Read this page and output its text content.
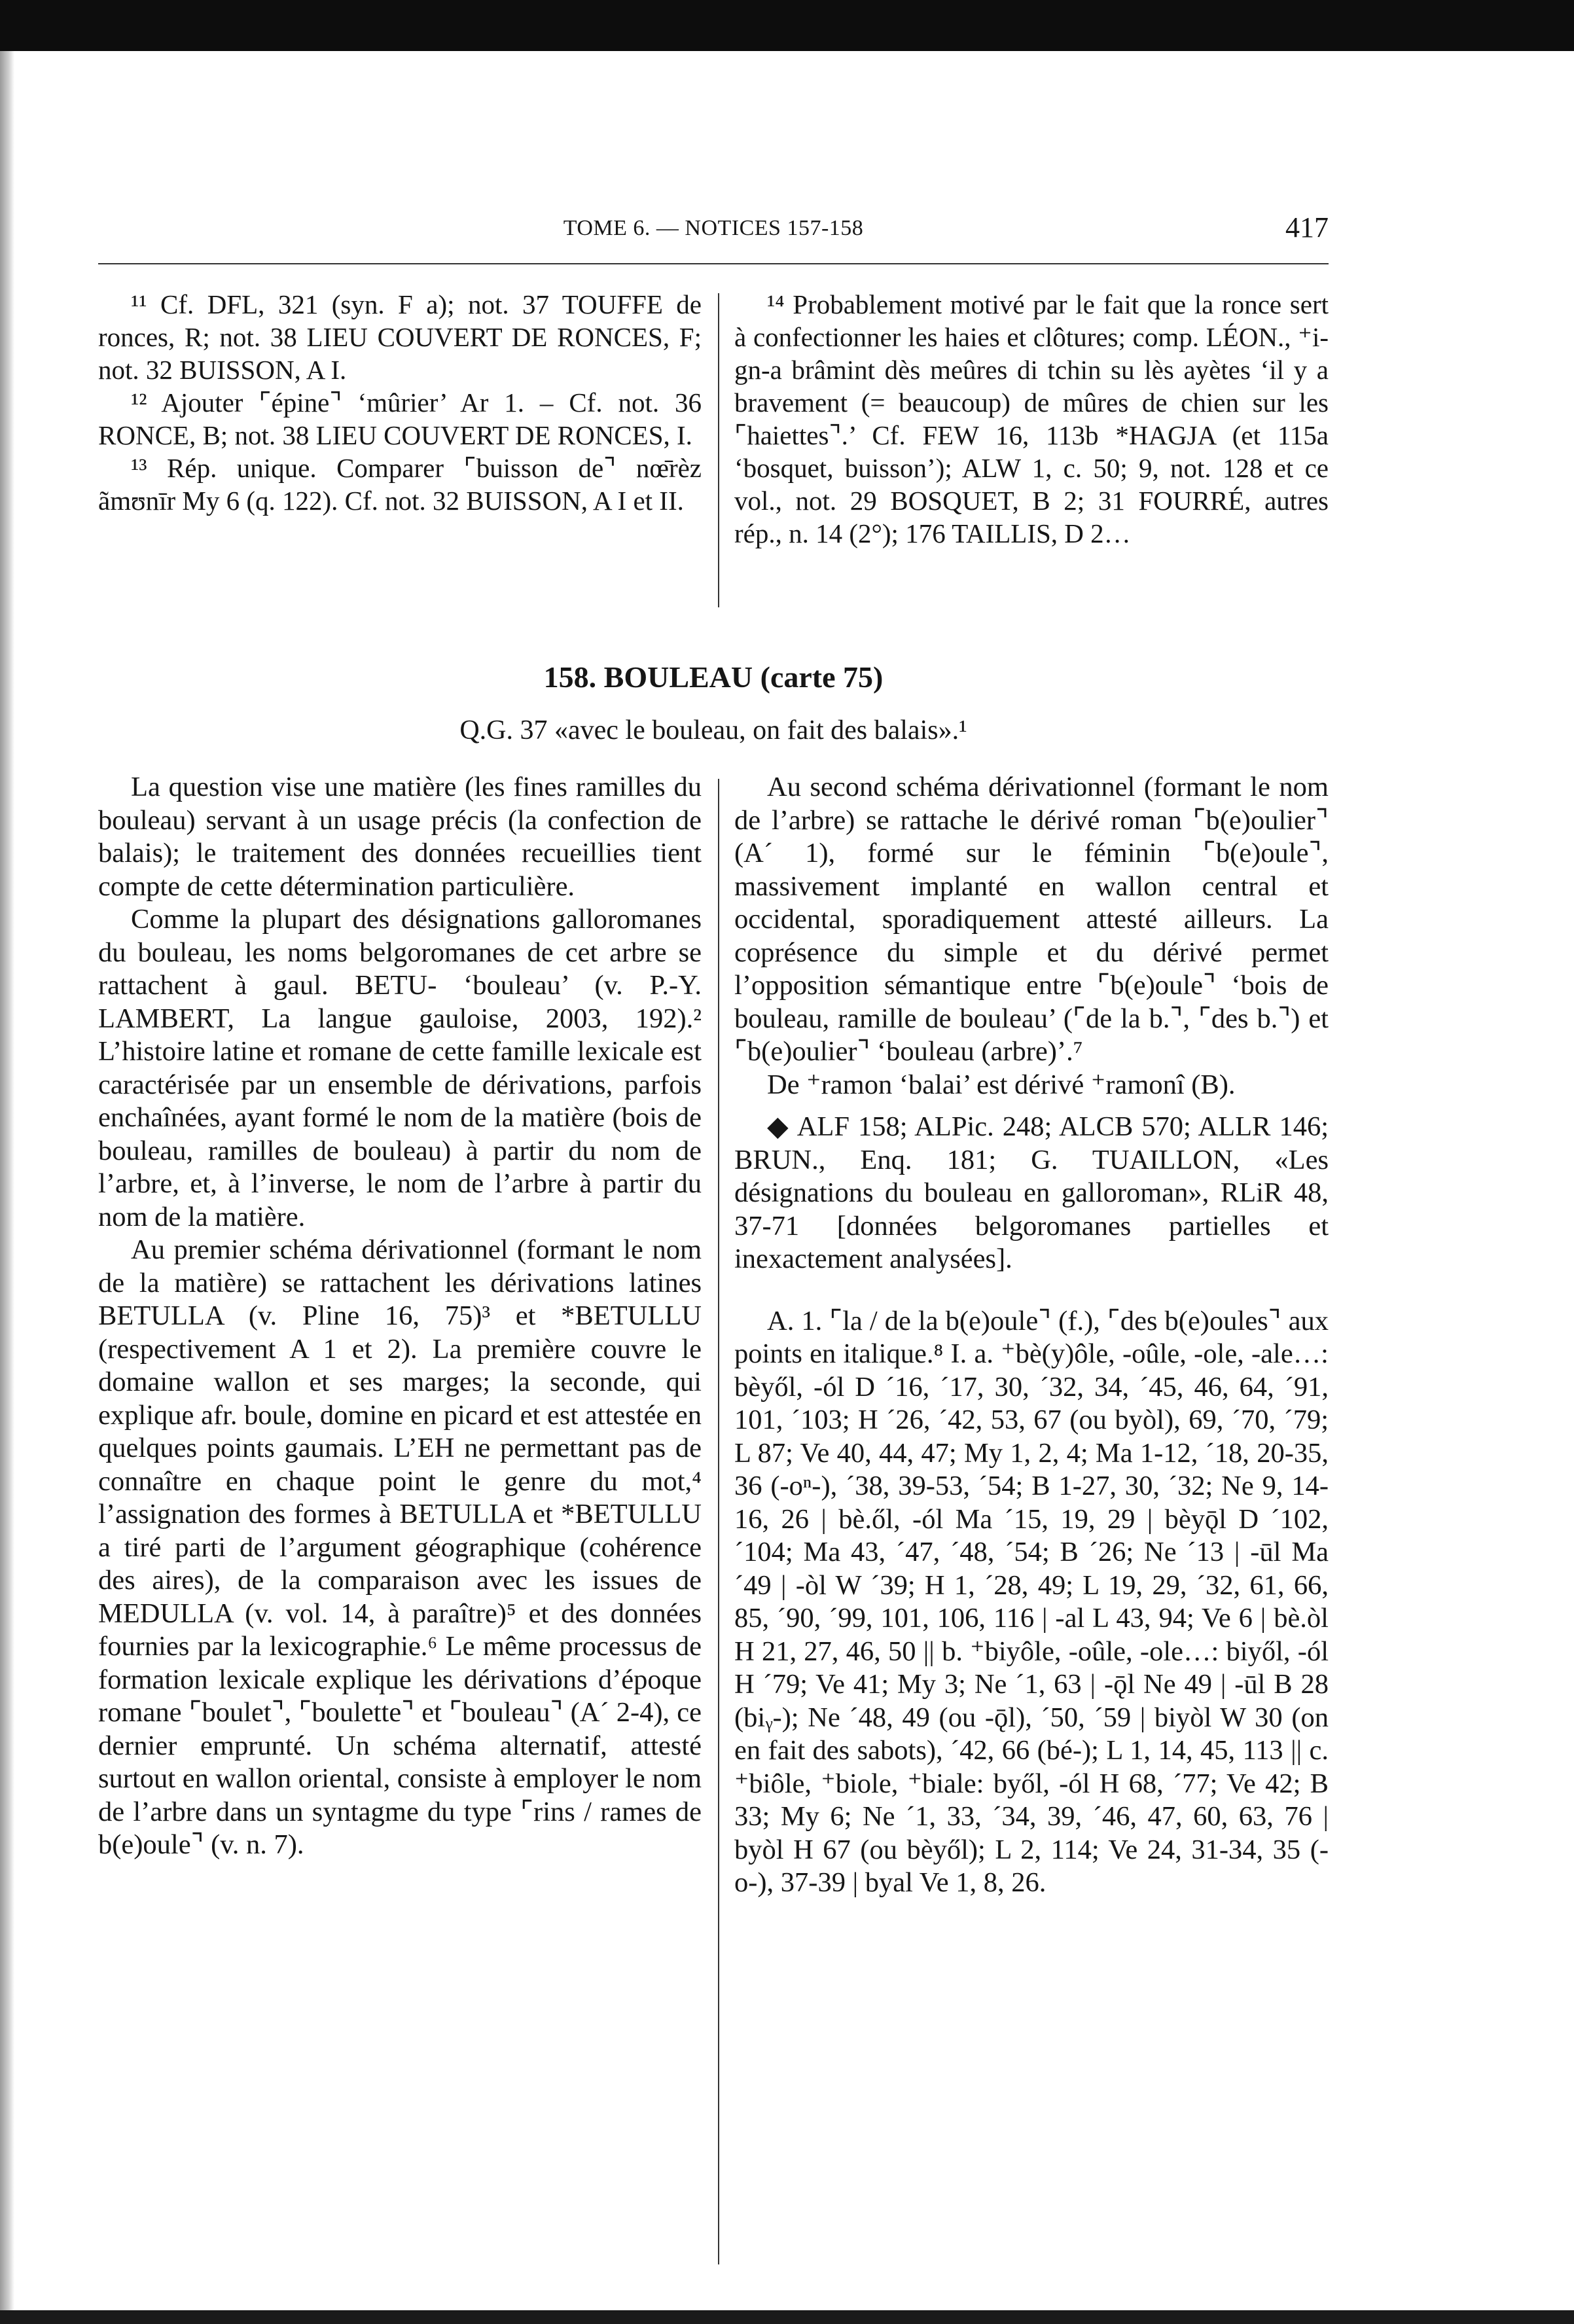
TOME 6. — NOTICES 157-158	417

¹¹ Cf. DFL, 321 (syn. F a); not. 37 TOUFFE de ronces, R; not. 38 LIEU COUVERT DE RONCES, F; not. 32 BUISSON, A I.

¹² Ajouter ⌜épine⌝ ‘mûrier’ Ar 1. – Cf. not. 36 RONCE, B; not. 38 LIEU COUVERT DE RONCES, I.

¹³ Rép. unique. Comparer ⌜buisson de⌝ nœ̄rèz ãmʊnīr My 6 (q. 122). Cf. not. 32 BUISSON, A I et II.

¹⁴ Probablement motivé par le fait que la ronce sert à confectionner les haies et clôtures; comp. LÉON., ⁺i-gn-a brâmint dès meûres di tchin su lès ayètes ‘il y a bravement (= beaucoup) de mûres de chien sur les ⌜haiettes⌝.’ Cf. FEW 16, 113b *HAGJA (et 115a ‘bosquet, buisson’); ALW 1, c. 50; 9, not. 128 et ce vol., not. 29 BOSQUET, B 2; 31 FOURRÉ, autres rép., n. 14 (2°); 176 TAILLIS, D 2…

158. BOULEAU (carte 75)
Q.G. 37 «avec le bouleau, on fait des balais».¹

La question vise une matière (les fines ramilles du bouleau) servant à un usage précis (la confection de balais); le traitement des données recueillies tient compte de cette détermination particulière.

Comme la plupart des désignations galloromanes du bouleau, les noms belgoromanes de cet arbre se rattachent à gaul. BETU- ‘bouleau’ (v. P.-Y. LAMBERT, La langue gauloise, 2003, 192).² L’histoire latine et romane de cette famille lexicale est caractérisée par un ensemble de dérivations, parfois enchaînées, ayant formé le nom de la matière (bois de bouleau, ramilles de bouleau) à partir du nom de l’arbre, et, à l’inverse, le nom de l’arbre à partir du nom de la matière.

Au premier schéma dérivationnel (formant le nom de la matière) se rattachent les dérivations latines BETULLA (v. Pline 16, 75)³ et *BETULLU (respectivement A 1 et 2). La première couvre le domaine wallon et ses marges; la seconde, qui explique afr. boule, domine en picard et est attestée en quelques points gaumais. L’EH ne permettant pas de connaître en chaque point le genre du mot,⁴ l’assignation des formes à BETULLA et *BETULLU a tiré parti de l’argument géographique (cohérence des aires), de la comparaison avec les issues de MEDULLA (v. vol. 14, à paraître)⁵ et des données fournies par la lexicographie.⁶ Le même processus de formation lexicale explique les dérivations d’époque romane ⌜boulet⌝, ⌜boulette⌝ et ⌜bouleau⌝ (A´ 2-4), ce dernier emprunté. Un schéma alternatif, attesté surtout en wallon oriental, consiste à employer le nom de l’arbre dans un syntagme du type ⌜rins / rames de b(e)oule⌝ (v. n. 7).

Au second schéma dérivationnel (formant le nom de l’arbre) se rattache le dérivé roman ⌜b(e)oulier⌝ (A´ 1), formé sur le féminin ⌜b(e)oule⌝, massivement implanté en wallon central et occidental, sporadiquement attesté ailleurs. La coprésence du simple et du dérivé permet l’opposition sémantique entre ⌜b(e)oule⌝ ‘bois de bouleau, ramille de bouleau’ (⌜de la b.⌝, ⌜des b.⌝) et ⌜b(e)oulier⌝ ‘bouleau (arbre)’.⁷

De ⁺ramon ‘balai’ est dérivé ⁺ramonî (B).

◆ ALF 158; ALPic. 248; ALCB 570; ALLR 146; BRUN., Enq. 181; G. TUAILLON, «Les désignations du bouleau en galloroman», RLiR 48, 37-71 [données belgoromanes partielles et inexactement analysées].

A. 1. ⌜la / de la b(e)oule⌝ (f.), ⌜des b(e)oules⌝ aux points en italique.⁸ I. a. ⁺bè(y)ôle, -oûle, -ole, -ale…: bèyől, -ól D ´16, ´17, 30, ´32, 34, ´45, 46, 64, ´91, 101, ´103; H ´26, ´42, 53, 67 (ou byòl), 69, ´70, ´79; L 87; Ve 40, 44, 47; My 1, 2, 4; Ma 1-12, ´18, 20-35, 36 (-oⁿ-), ´38, 39-53, ´54; B 1-27, 30, ´32; Ne 9, 14-16, 26 | bè.ől, -ól Ma ´15, 19, 29 | bèyǭl D ´102, ´104; Ma 43, ´47, ´48, ´54; B ´26; Ne ´13 | -ūl Ma ´49 | -òl W ´39; H 1, ´28, 49; L 19, 29, ´32, 61, 66, 85, ´90, ´99, 101, 106, 116 | -al L 43, 94; Ve 6 | bè.òl H 21, 27, 46, 50 || b. ⁺biyôle, -oûle, -ole…: biyől, -ól H ´79; Ve 41; My 3; Ne ´1, 63 | -ǭl Ne 49 | -ūl B 28 (biᵧ-); Ne ´48, 49 (ou -ǭl), ´50, ´59 | biyòl W 30 (on en fait des sabots), ´42, 66 (bé-); L 1, 14, 45, 113 || c. ⁺biôle, ⁺biole, ⁺biale: byől, -ól H 68, ´77; Ve 42; B 33; My 6; Ne ´1, 33, ´34, 39, ´46, 47, 60, 63, 76 | byòl H 67 (ou bèyől); L 2, 114; Ve 24, 31-34, 35 (-o-), 37-39 | byal Ve 1, 8, 26.
